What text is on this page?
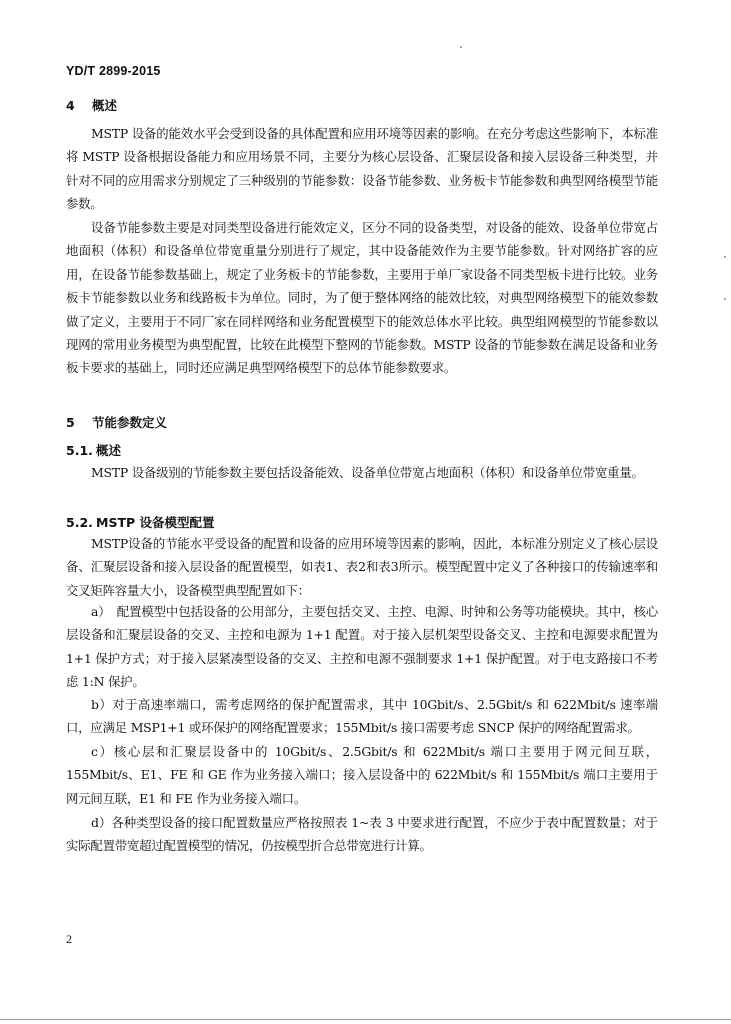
YD/T 2899-2015
4 概述
MSTP 设备的能效水平会受到设备的具体配置和应用环境等因素的影响。在充分考虑这些影响下，本标准将 MSTP 设备根据设备能力和应用场景不同，主要分为核心层设备、汇聚层设备和接入层设备三种类型，并针对不同的应用需求分别规定了三种级别的节能参数：设备节能参数、业务板卡节能参数和典型网络模型节能参数。
设备节能参数主要是对同类型设备进行能效定义，区分不同的设备类型，对设备的能效、设备单位带宽占地面积（体积）和设备单位带宽重量分别进行了规定，其中设备能效作为主要节能参数。针对网络扩容的应用，在设备节能参数基础上，规定了业务板卡的节能参数，主要用于单厂家设备不同类型板卡进行比较。业务板卡节能参数以业务和线路板卡为单位。同时，为了便于整体网络的能效比较，对典型网络模型下的能效参数做了定义，主要用于不同厂家在同样网络和业务配置模型下的能效总体水平比较。典型组网模型的节能参数以现网的常用业务模型为典型配置，比较在此模型下整网的节能参数。MSTP 设备的节能参数在满足设备和业务板卡要求的基础上，同时还应满足典型网络模型下的总体节能参数要求。
5 节能参数定义
5.1. 概述
MSTP 设备级别的节能参数主要包括设备能效、设备单位带宽占地面积（体积）和设备单位带宽重量。
5.2. MSTP 设备模型配置
MSTP设备的节能水平受设备的配置和设备的应用环境等因素的影响，因此，本标准分别定义了核心层设备、汇聚层设备和接入层设备的配置模型，如表1、表2和表3所示。模型配置中定义了各种接口的传输速率和交叉矩阵容量大小，设备模型典型配置如下：
a）　配置模型中包括设备的公用部分，主要包括交叉、主控、电源、时钟和公务等功能模块。其中，核心层设备和汇聚层设备的交叉、主控和电源为 1+1 配置。对于接入层机架型设备交叉、主控和电源要求配置为 1+1 保护方式；对于接入层紧凑型设备的交叉、主控和电源不强制要求 1+1 保护配置。对于电支路接口不考虑 1:N 保护。
b）对于高速率端口，需考虑网络的保护配置需求，其中 10Gbit/s、2.5Gbit/s 和 622Mbit/s 速率端口，应满足 MSP1+1 或环保护的网络配置要求；155Mbit/s 接口需要考虑 SNCP 保护的网络配置需求。
c）核心层和汇聚层设备中的 10Gbit/s、2.5Gbit/s 和 622Mbit/s 端口主要用于网元间互联，155Mbit/s、E1、FE 和 GE 作为业务接入端口；接入层设备中的 622Mbit/s 和 155Mbit/s 端口主要用于网元间互联，E1 和 FE 作为业务接入端口。
d）各种类型设备的接口配置数量应严格按照表 1~表 3 中要求进行配置，不应少于表中配置数量；对于实际配置带宽超过配置模型的情况，仍按模型折合总带宽进行计算。
2
